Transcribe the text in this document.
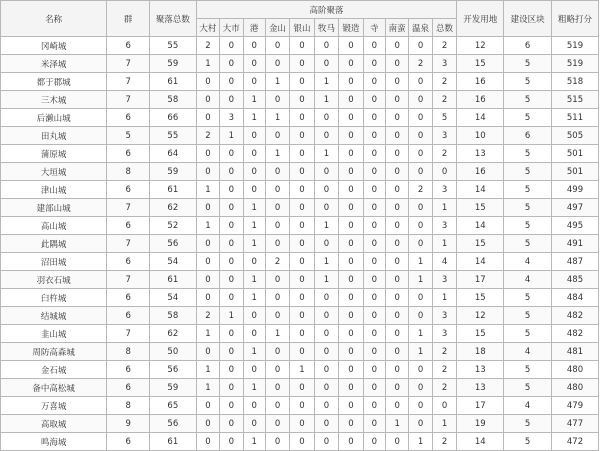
名称	群	聚落总数	高阶聚落											开发用地	建设区块	粗略打分
			大村	大市	港	金山	银山	牧马	锻造	寺	南蛮	温泉	总数			
冈崎城	6	55	2	0	0	0	0	0	0	0	0	0	2	12	6	519
米泽城	7	59	1	0	0	0	0	0	0	0	0	2	3	15	5	519
都于郡城	7	61	0	0	0	1	0	1	0	0	0	0	2	16	5	518
三木城	7	58	0	0	1	0	0	1	0	0	0	0	2	16	5	515
后濑山城	6	66	0	3	1	1	0	0	0	0	0	0	5	14	5	511
田丸城	5	55	2	1	0	0	0	0	0	0	0	0	3	10	6	505
蒲原城	6	64	0	0	0	1	0	1	0	0	0	0	2	13	5	501
大垣城	8	59	0	0	0	0	0	0	0	0	0	0	0	16	5	501
津山城	6	61	1	0	0	0	0	0	0	0	0	2	3	14	5	499
建部山城	7	62	0	0	1	0	0	0	0	0	0	0	1	15	5	497
高山城	6	52	1	0	1	0	0	1	0	0	0	0	3	14	5	495
此隅城	7	56	0	0	1	0	0	0	0	0	0	0	1	15	5	491
沼田城	6	54	0	0	0	2	0	1	0	0	0	1	4	14	4	487
羽衣石城	7	61	0	0	1	0	0	1	0	0	0	1	3	17	4	485
臼杵城	6	54	0	0	1	0	0	0	0	0	0	0	1	15	5	484
结城城	6	58	2	1	0	0	0	0	0	0	0	0	3	12	5	482
韭山城	7	62	1	0	0	1	0	0	0	0	0	1	3	15	5	482
周防高森城	8	50	0	0	1	0	0	0	0	0	0	1	2	18	4	481
金石城	6	56	1	0	0	0	1	0	0	0	0	0	2	13	5	480
备中高松城	6	59	1	0	1	0	0	0	0	0	0	0	2	13	5	480
万喜城	8	65	0	0	0	0	0	0	0	0	0	0	0	17	4	479
高取城	9	56	0	0	0	0	0	0	0	0	1	0	1	19	5	477
鸣海城	6	61	0	0	1	0	0	0	0	0	0	1	2	14	5	472
